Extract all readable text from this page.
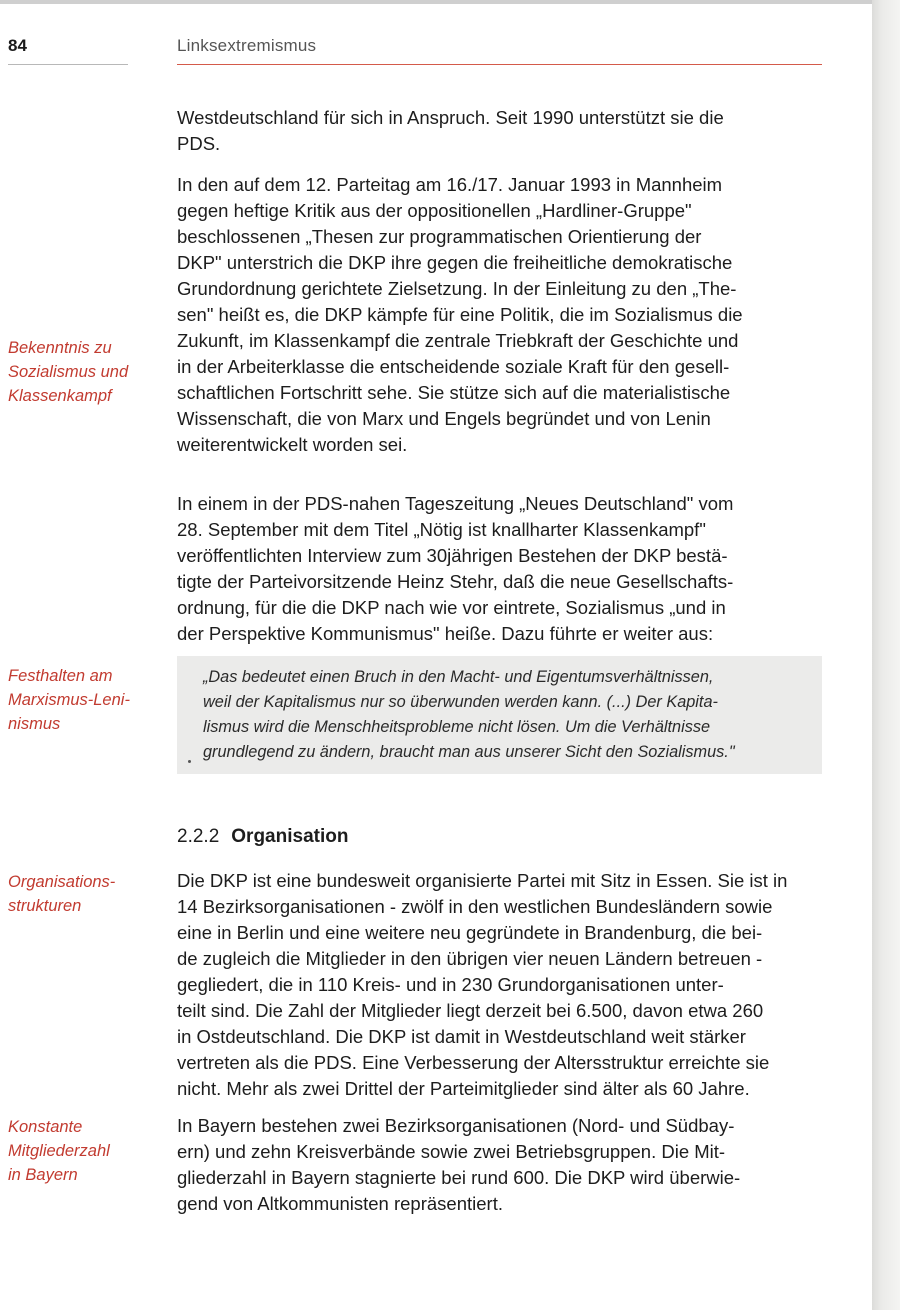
84	Linksextremismus

Westdeutschland für sich in Anspruch. Seit 1990 unterstützt sie die
PDS.

In den auf dem 12. Parteitag am 16./17. Januar 1993 in Mannheim
gegen heftige Kritik aus der oppositionellen „Hardliner-Gruppe"
beschlossenen „Thesen zur programmatischen Orientierung der
DKP" unterstrich die DKP ihre gegen die freiheitliche demokratische
Grundordnung gerichtete Zielsetzung. In der Einleitung zu den „The-
sen" heißt es, die DKP kämpfe für eine Politik, die im Sozialismus die
Zukunft, im Klassenkampf die zentrale Triebkraft der Geschichte und
in der Arbeiterklasse die entscheidende soziale Kraft für den gesell-
schaftlichen Fortschritt sehe. Sie stütze sich auf die materialistische
Wissenschaft, die von Marx und Engels begründet und von Lenin
weiterentwickelt worden sei.

Bekenntnis zu
Sozialismus und
Klassenkampf

In einem in der PDS-nahen Tageszeitung „Neues Deutschland" vom
28. September mit dem Titel „Nötig ist knallharter Klassenkampf"
veröffentlichten Interview zum 30jährigen Bestehen der DKP bestä-
tigte der Parteivorsitzende Heinz Stehr, daß die neue Gesellschafts-
ordnung, für die die DKP nach wie vor eintrete, Sozialismus „und in
der Perspektive Kommunismus" heiße. Dazu führte er weiter aus:

Festhalten am
Marxismus-Leni-
nismus
„Das bedeutet einen Bruch in den Macht- und Eigentumsverhältnissen,
weil der Kapitalismus nur so überwunden werden kann. (...) Der Kapita-
lismus wird die Menschheitsprobleme nicht lösen. Um die Verhältnisse
grundlegend zu ändern, braucht man aus unserer Sicht den Sozialismus."
2.2.2 Organisation
Organisations-
strukturen

Die DKP ist eine bundesweit organisierte Partei mit Sitz in Essen. Sie ist in
14 Bezirksorganisationen - zwölf in den westlichen Bundesländern sowie
eine in Berlin und eine weitere neu gegründete in Brandenburg, die bei-
de zugleich die Mitglieder in den übrigen vier neuen Ländern betreuen -
gegliedert, die in 110 Kreis- und in 230 Grundorganisationen unter-
teilt sind. Die Zahl der Mitglieder liegt derzeit bei 6.500, davon etwa 260
in Ostdeutschland. Die DKP ist damit in Westdeutschland weit stärker
vertreten als die PDS. Eine Verbesserung der Altersstruktur erreichte sie
nicht. Mehr als zwei Drittel der Parteimitglieder sind älter als 60 Jahre.

Konstante
Mitgliederzahl
in Bayern

In Bayern bestehen zwei Bezirksorganisationen (Nord- und Südbay-
ern) und zehn Kreisverbände sowie zwei Betriebsgruppen. Die Mit-
gliederzahl in Bayern stagnierte bei rund 600. Die DKP wird überwie-
gend von Altkommunisten repräsentiert.
